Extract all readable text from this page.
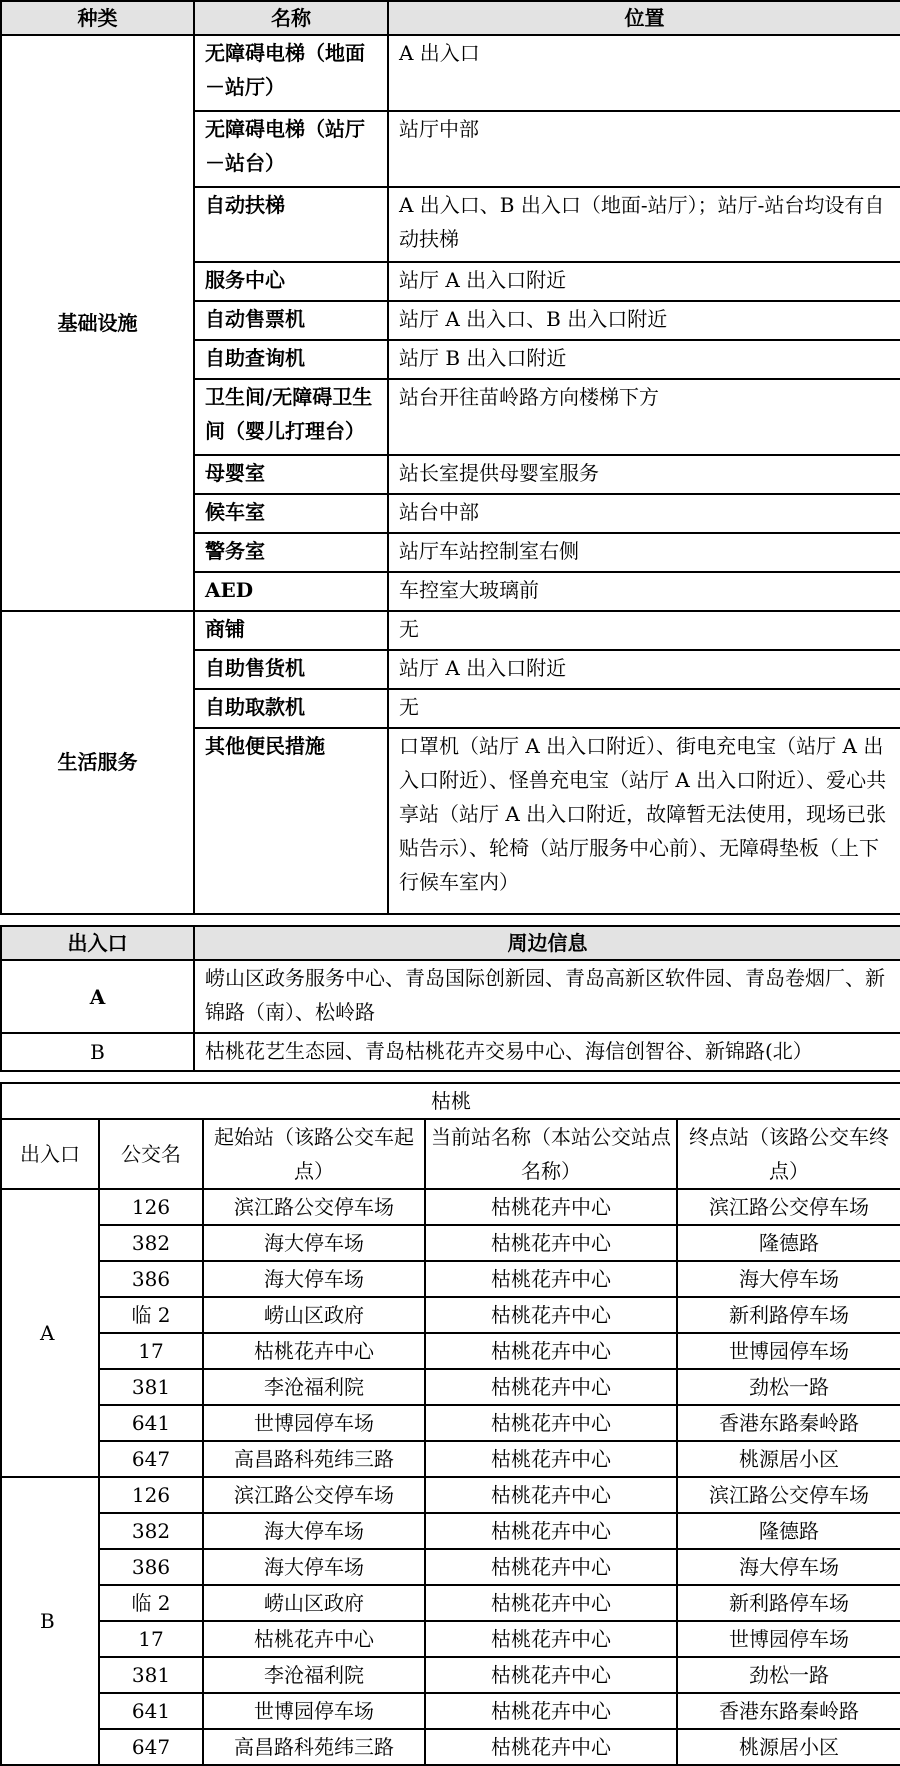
种类	名称	位置
基础设施	无障碍电梯（地面－站厅）	A 出入口
	无障碍电梯（站厅－站台）	站厅中部
	自动扶梯	A 出入口、B 出入口（地面-站厅）；站厅-站台均设有自动扶梯
	服务中心	站厅 A 出入口附近
	自动售票机	站厅 A 出入口、B 出入口附近
	自助查询机	站厅 B 出入口附近
	卫生间/无障碍卫生间（婴儿打理台）	站台开往苗岭路方向楼梯下方
	母婴室	站长室提供母婴室服务
	候车室	站台中部
	警务室	站厅车站控制室右侧
	AED	车控室大玻璃前
生活服务	商铺	无
	自助售货机	站厅 A 出入口附近
	自助取款机	无
	其他便民措施	口罩机（站厅 A 出入口附近）、街电充电宝（站厅 A 出入口附近）、怪兽充电宝（站厅 A 出入口附近）、爱心共享站（站厅 A 出入口附近，故障暂无法使用，现场已张贴告示）、轮椅（站厅服务中心前）、无障碍垫板（上下行候车室内）
出入口	周边信息
A	崂山区政务服务中心、青岛国际创新园、青岛高新区软件园、青岛卷烟厂、新锦路（南）、松岭路
B	枯桃花艺生态园、青岛枯桃花卉交易中心、海信创智谷、新锦路(北）
枯桃				
出入口	公交名	起始站（该路公交车起点）	当前站名称（本站公交站点名称）	终点站（该路公交车终点）
A	126	滨江路公交停车场	枯桃花卉中心	滨江路公交停车场
	382	海大停车场	枯桃花卉中心	隆德路
	386	海大停车场	枯桃花卉中心	海大停车场
	临 2	崂山区政府	枯桃花卉中心	新利路停车场
	17	枯桃花卉中心	枯桃花卉中心	世博园停车场
	381	李沧福利院	枯桃花卉中心	劲松一路
	641	世博园停车场	枯桃花卉中心	香港东路秦岭路
	647	高昌路科苑纬三路	枯桃花卉中心	桃源居小区
B	126	滨江路公交停车场	枯桃花卉中心	滨江路公交停车场
	382	海大停车场	枯桃花卉中心	隆德路
	386	海大停车场	枯桃花卉中心	海大停车场
	临 2	崂山区政府	枯桃花卉中心	新利路停车场
	17	枯桃花卉中心	枯桃花卉中心	世博园停车场
	381	李沧福利院	枯桃花卉中心	劲松一路
	641	世博园停车场	枯桃花卉中心	香港东路秦岭路
	647	高昌路科苑纬三路	枯桃花卉中心	桃源居小区
